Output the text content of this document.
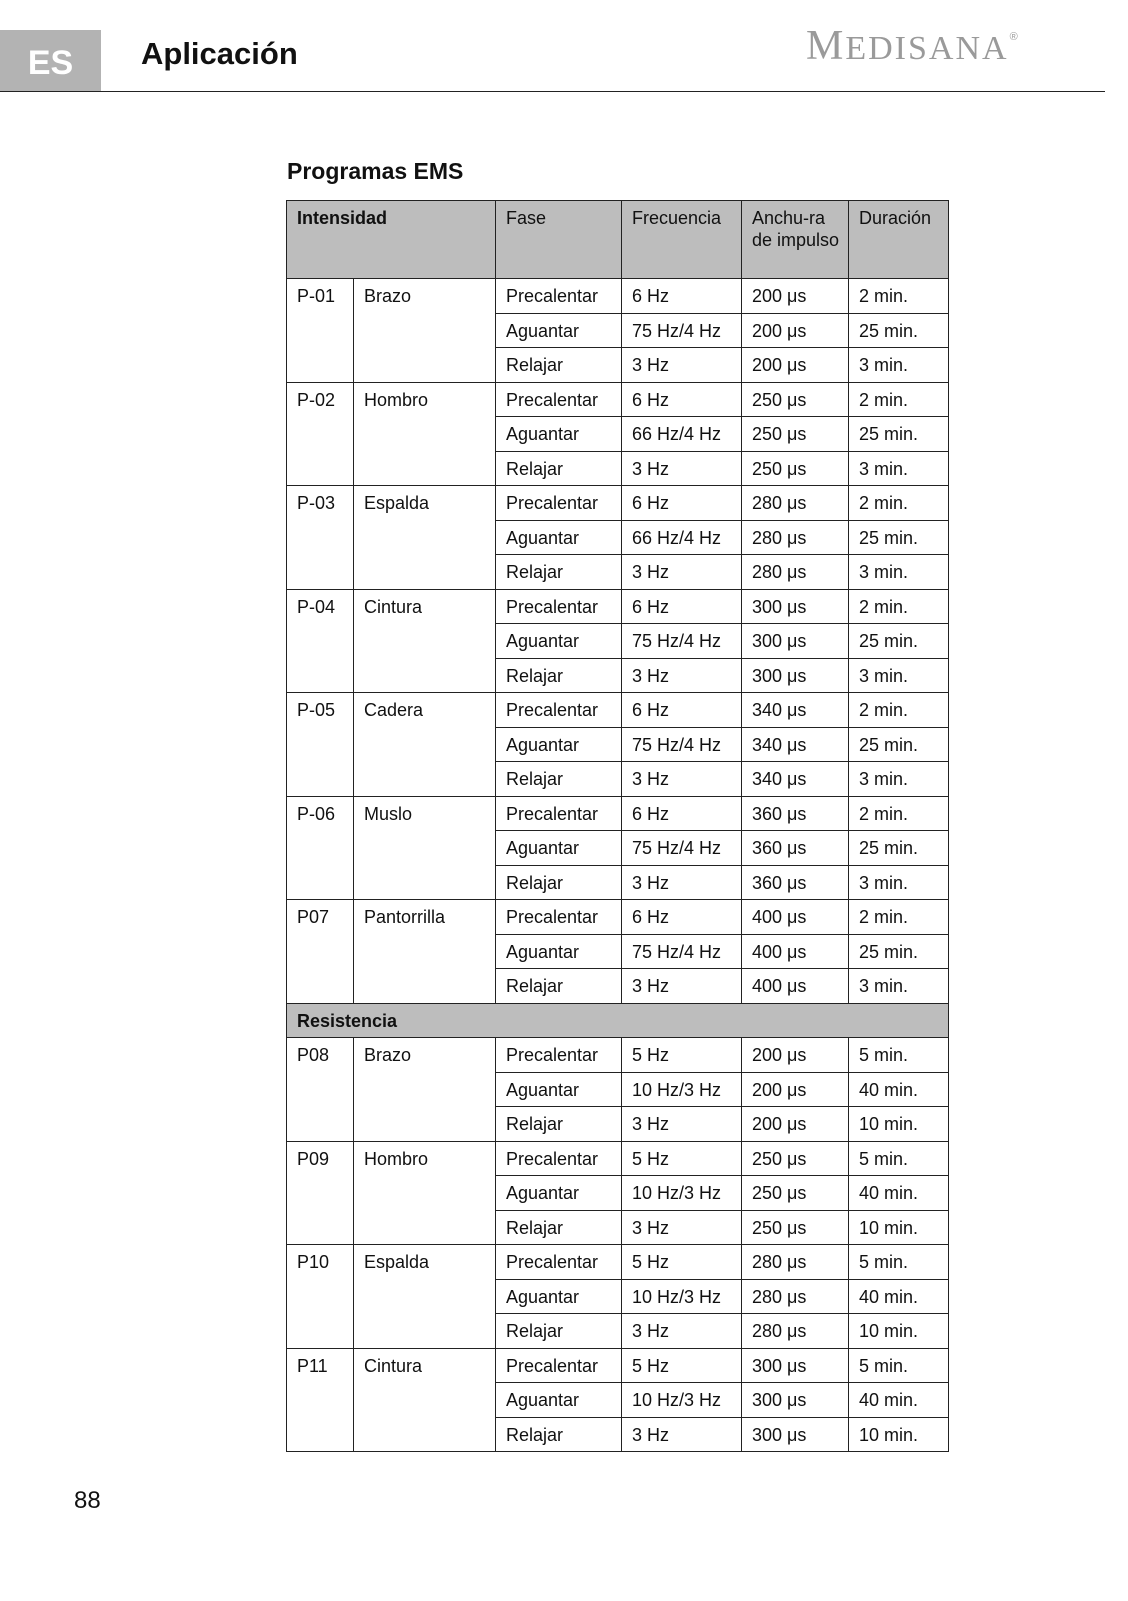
ES	Aplicación	MEDISANA®
Programas EMS
Intensidad		Fase	Frecuencia	Anchu-ra de impulso	Duración
P-01	Brazo	Precalentar	6 Hz	200 μs	2 min.
		Aguantar	75 Hz/4 Hz	200 μs	25 min.
		Relajar	3 Hz	200 μs	3 min.
P-02	Hombro	Precalentar	6 Hz	250 μs	2 min.
		Aguantar	66 Hz/4 Hz	250 μs	25 min.
		Relajar	3 Hz	250 μs	3 min.
P-03	Espalda	Precalentar	6 Hz	280 μs	2 min.
		Aguantar	66 Hz/4 Hz	280 μs	25 min.
		Relajar	3 Hz	280 μs	3 min.
P-04	Cintura	Precalentar	6 Hz	300 μs	2 min.
		Aguantar	75 Hz/4 Hz	300 μs	25 min.
		Relajar	3 Hz	300 μs	3 min.
P-05	Cadera	Precalentar	6 Hz	340 μs	2 min.
		Aguantar	75 Hz/4 Hz	340 μs	25 min.
		Relajar	3 Hz	340 μs	3 min.
P-06	Muslo	Precalentar	6 Hz	360 μs	2 min.
		Aguantar	75 Hz/4 Hz	360 μs	25 min.
		Relajar	3 Hz	360 μs	3 min.
P07	Pantorrilla	Precalentar	6 Hz	400 μs	2 min.
		Aguantar	75 Hz/4 Hz	400 μs	25 min.
		Relajar	3 Hz	400 μs	3 min.
Resistencia					
P08	Brazo	Precalentar	5 Hz	200 μs	5 min.
		Aguantar	10 Hz/3 Hz	200 μs	40 min.
		Relajar	3 Hz	200 μs	10 min.
P09	Hombro	Precalentar	5 Hz	250 μs	5 min.
		Aguantar	10 Hz/3 Hz	250 μs	40 min.
		Relajar	3 Hz	250 μs	10 min.
P10	Espalda	Precalentar	5 Hz	280 μs	5 min.
		Aguantar	10 Hz/3 Hz	280 μs	40 min.
		Relajar	3 Hz	280 μs	10 min.
P11	Cintura	Precalentar	5 Hz	300 μs	5 min.
		Aguantar	10 Hz/3 Hz	300 μs	40 min.
		Relajar	3 Hz	300 μs	10 min.
88
